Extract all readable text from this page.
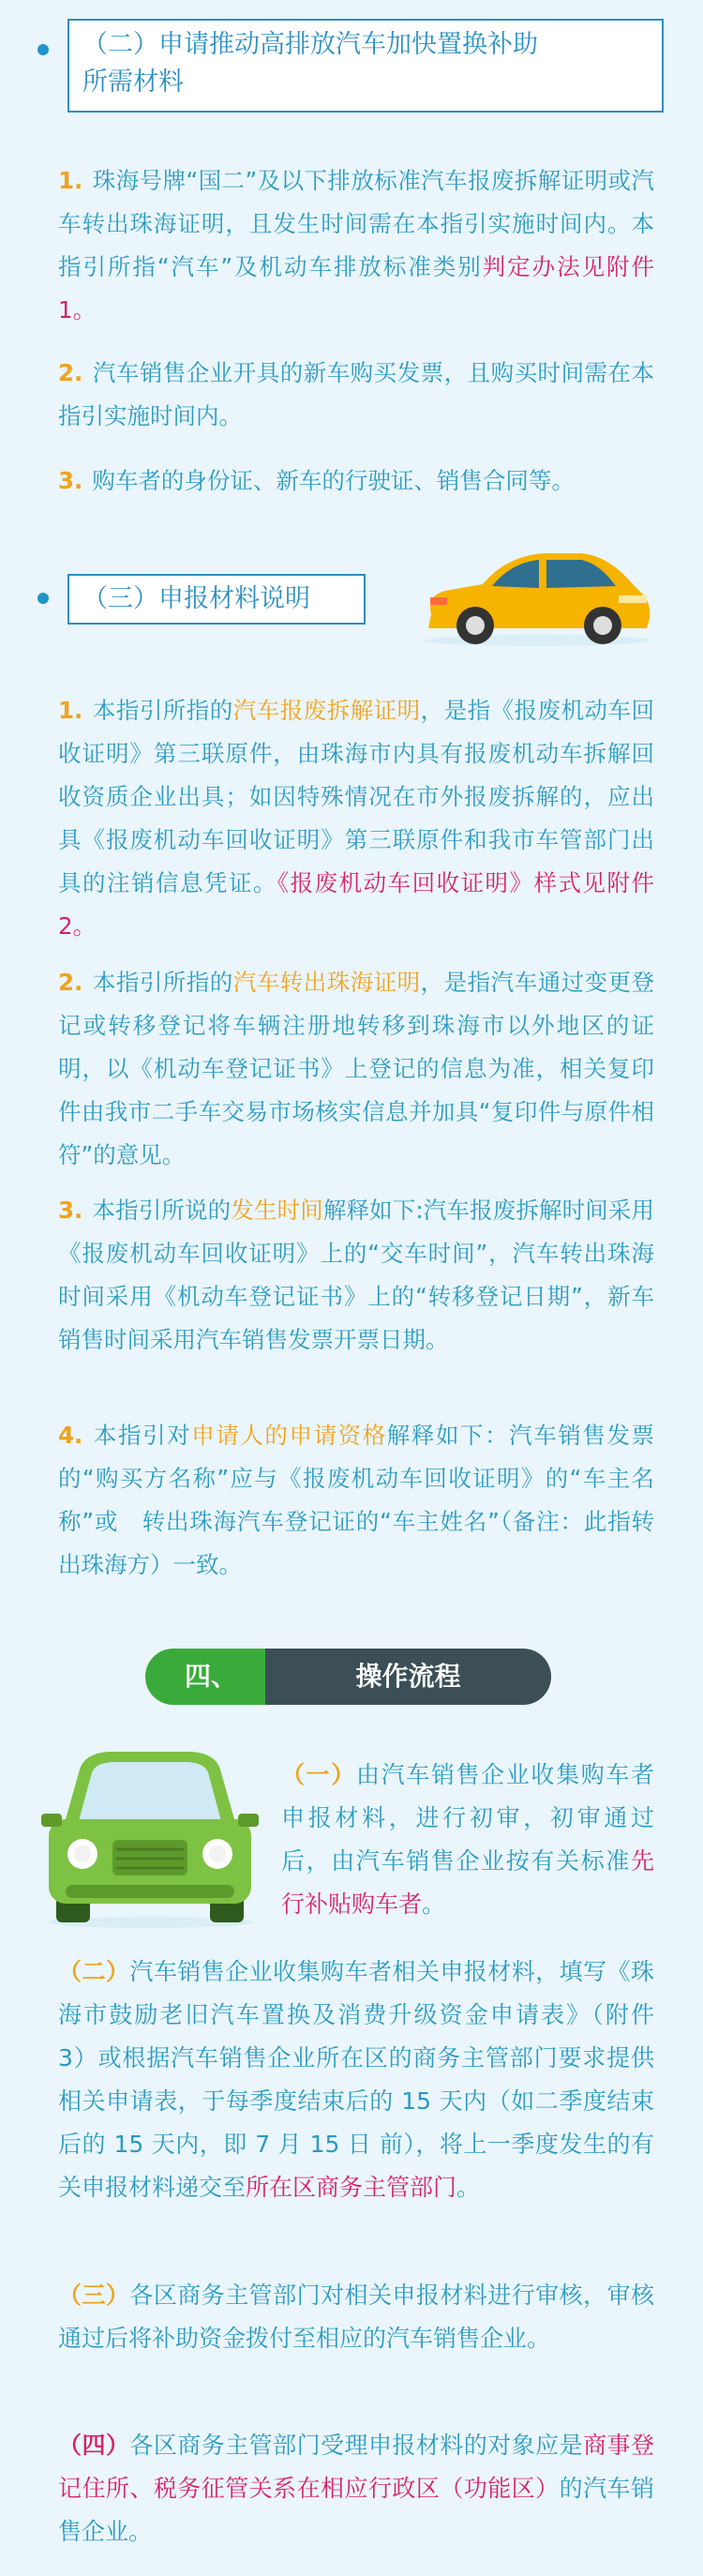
（二）申请推动高排放汽车加快置换补助
所需材料
1. 珠海号牌“国二”及以下排放标准汽车报废拆解证明或汽车转出珠海证明，且发生时间需在本指引实施时间内。本指引所指“汽车”及机动车排放标准类别判定办法见附件 1。
2. 汽车销售企业开具的新车购买发票，且购买时间需在本指引实施时间内。
3. 购车者的身份证、新车的行驶证、销售合同等。
（三）申报材料说明
1. 本指引所指的汽车报废拆解证明，是指《报废机动车回收证明》第三联原件，由珠海市内具有报废机动车拆解回收资质企业出具；如因特殊情况在市外报废拆解的，应出具《报废机动车回收证明》第三联原件和我市车管部门出具的注销信息凭证。《报废机动车回收证明》样式见附件 2。
2. 本指引所指的汽车转出珠海证明，是指汽车通过变更登记或转移登记将车辆注册地转移到珠海市以外地区的证明，以《机动车登记证书》上登记的信息为准，相关复印件由我市二手车交易市场核实信息并加具“复印件与原件相符”的意见。
3. 本指引所说的发生时间解释如下:汽车报废拆解时间采用《报废机动车回收证明》上的“交车时间”，汽车转出珠海时间采用《机动车登记证书》上的“转移登记日期”，新车销售时间采用汽车销售发票开票日期。
4. 本指引对申请人的申请资格解释如下：汽车销售发票的“购买方名称”应与《报废机动车回收证明》的“车主名称”或　转出珠海汽车登记证的“车主姓名”（备注：此指转出珠海方）一致。
四、	操作流程
（一）由汽车销售企业收集购车者申报材料，进行初审，初审通过后，由汽车销售企业按有关标准先行补贴购车者。
（二）汽车销售企业收集购车者相关申报材料，填写《珠海市鼓励老旧汽车置换及消费升级资金申请表》（附件　3）或根据汽车销售企业所在区的商务主管部门要求提供相关申请表，于每季度结束后的 15 天内（如二季度结束后的 15 天内，即 7 月 15 日 前），将上一季度发生的有关申报材料递交至所在区商务主管部门。
（三）各区商务主管部门对相关申报材料进行审核，审核通过后将补助资金拨付至相应的汽车销售企业。
（四）各区商务主管部门受理申报材料的对象应是商事登记住所、税务征管关系在相应行政区（功能区）的汽车销售企业。
